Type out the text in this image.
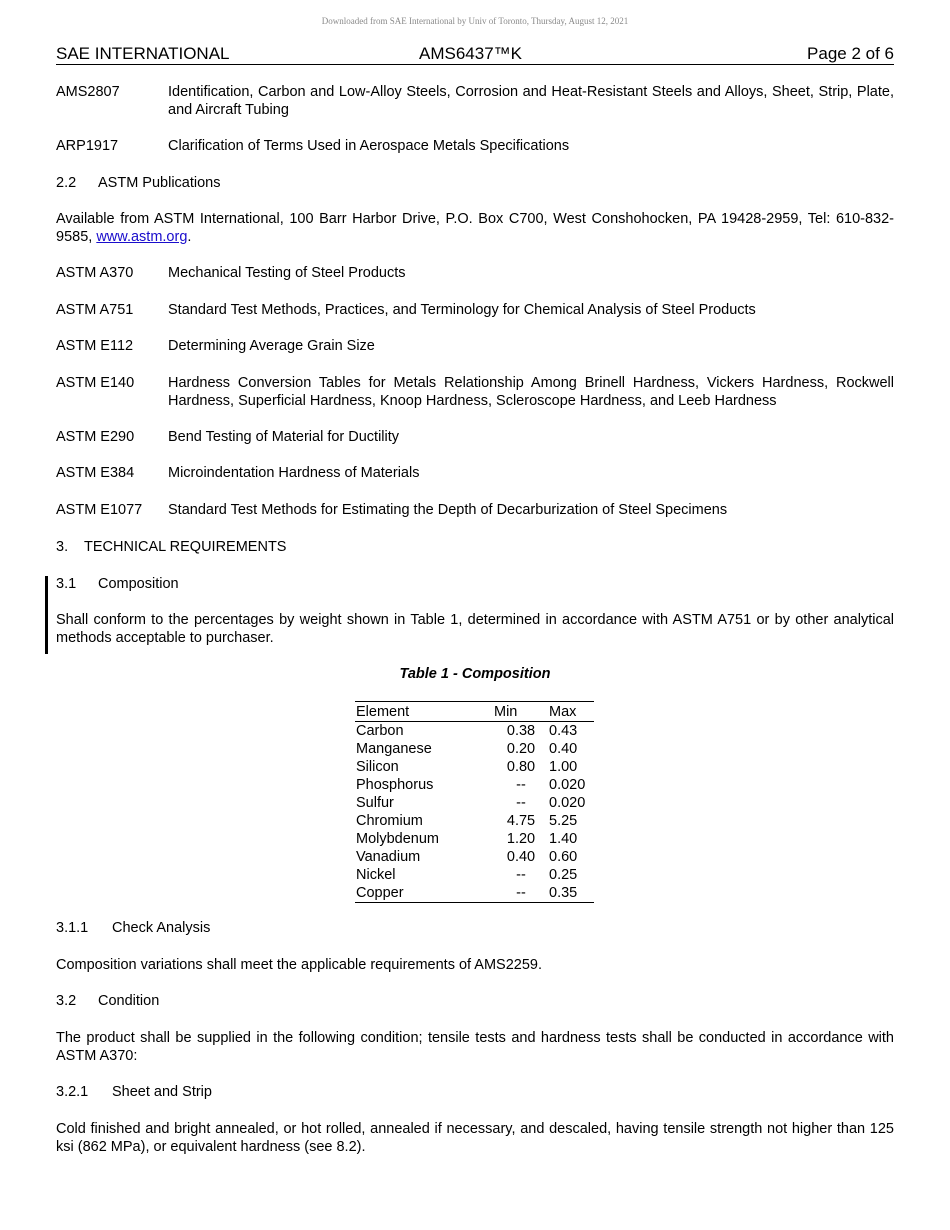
Downloaded from SAE International by Univ of Toronto, Thursday, August 12, 2021
SAE INTERNATIONAL	AMS6437™K	Page 2 of 6
AMS2807	Identification, Carbon and Low-Alloy Steels, Corrosion and Heat-Resistant Steels and Alloys, Sheet, Strip, Plate, and Aircraft Tubing
ARP1917	Clarification of Terms Used in Aerospace Metals Specifications
2.2 ASTM Publications
Available from ASTM International, 100 Barr Harbor Drive, P.O. Box C700, West Conshohocken, PA 19428-2959, Tel: 610-832-9585, www.astm.org.
ASTM A370 Mechanical Testing of Steel Products
ASTM A751 Standard Test Methods, Practices, and Terminology for Chemical Analysis of Steel Products
ASTM E112 Determining Average Grain Size
ASTM E140 Hardness Conversion Tables for Metals Relationship Among Brinell Hardness, Vickers Hardness, Rockwell Hardness, Superficial Hardness, Knoop Hardness, Scleroscope Hardness, and Leeb Hardness
ASTM E290 Bend Testing of Material for Ductility
ASTM E384 Microindentation Hardness of Materials
ASTM E1077 Standard Test Methods for Estimating the Depth of Decarburization of Steel Specimens
3. TECHNICAL REQUIREMENTS
3.1 Composition
Shall conform to the percentages by weight shown in Table 1, determined in accordance with ASTM A751 or by other analytical methods acceptable to purchaser.
Table 1 - Composition
Element	Min	Max
Carbon	0.38	0.43
Manganese	0.20	0.40
Silicon	0.80	1.00
Phosphorus	--	0.020
Sulfur	--	0.020
Chromium	4.75	5.25
Molybdenum	1.20	1.40
Vanadium	0.40	0.60
Nickel	--	0.25
Copper	--	0.35
3.1.1 Check Analysis
Composition variations shall meet the applicable requirements of AMS2259.
3.2 Condition
The product shall be supplied in the following condition; tensile tests and hardness tests shall be conducted in accordance with ASTM A370:
3.2.1 Sheet and Strip
Cold finished and bright annealed, or hot rolled, annealed if necessary, and descaled, having tensile strength not higher than 125 ksi (862 MPa), or equivalent hardness (see 8.2).
